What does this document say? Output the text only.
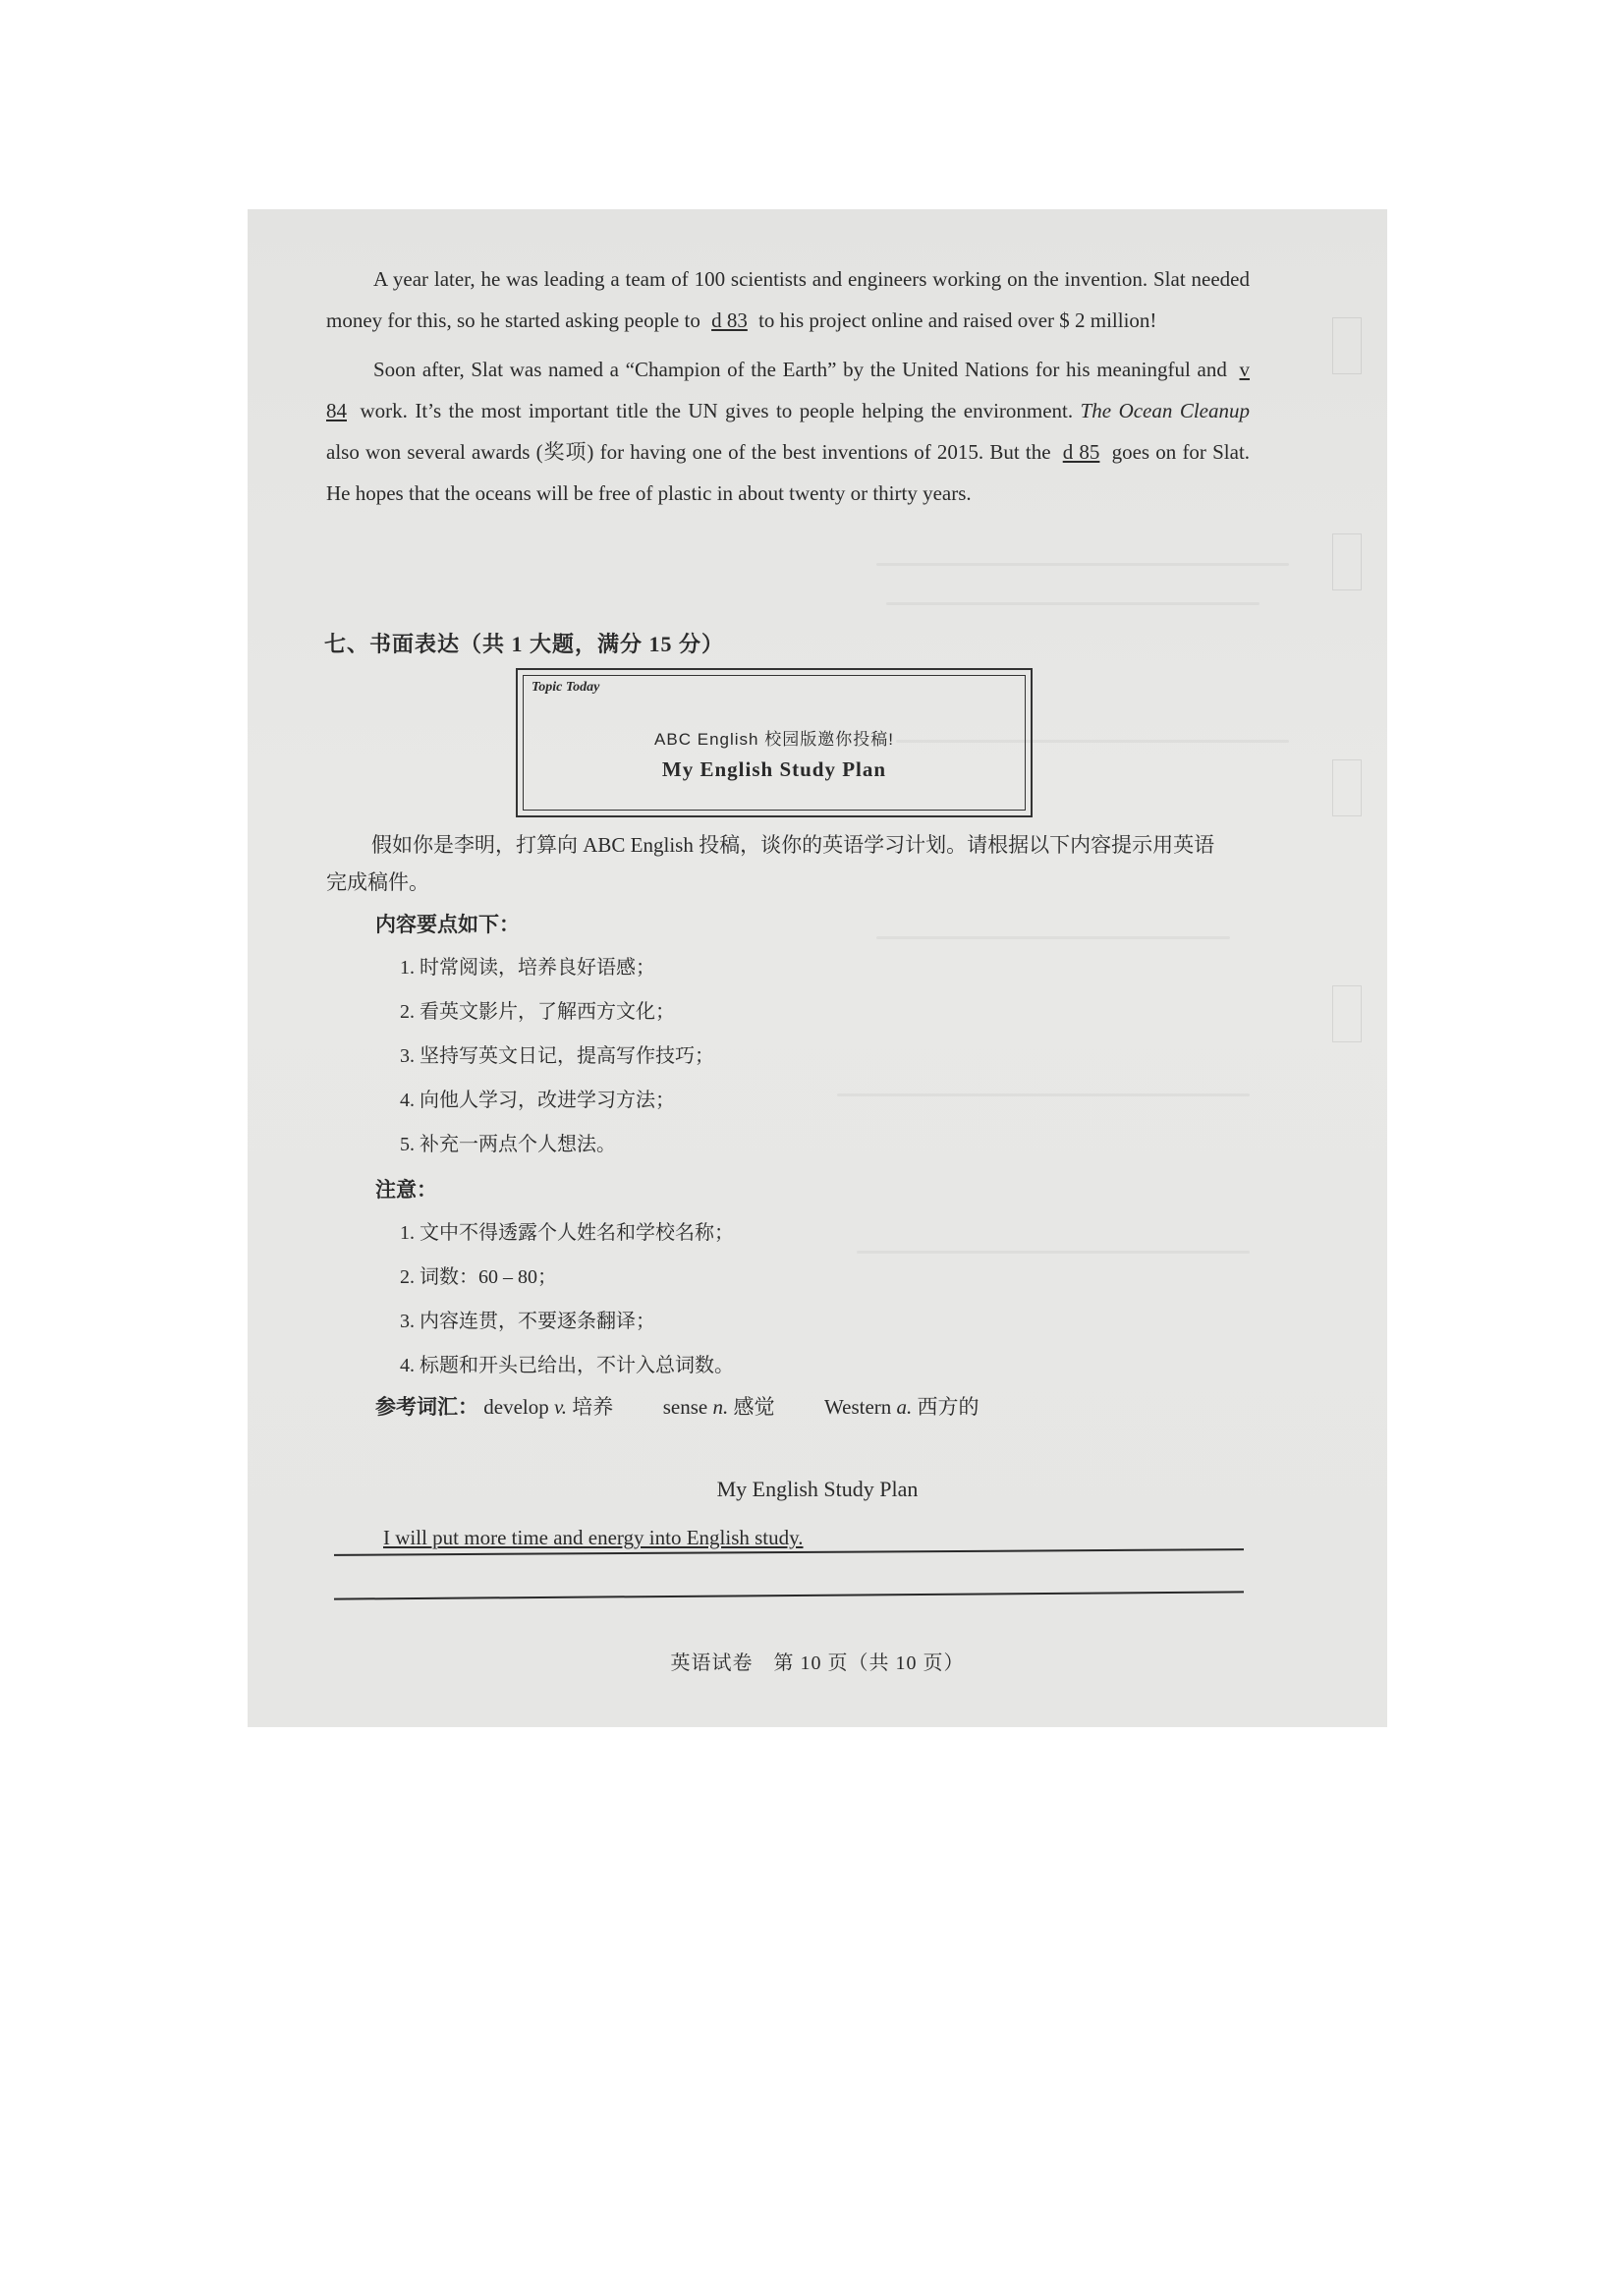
A year later, he was leading a team of 100 scientists and engineers working on the invention. Slat needed money for this, so he started asking people to d 83 to his project online and raised over $ 2 million!

Soon after, Slat was named a “Champion of the Earth” by the United Nations for his meaningful and v 84 work. It’s the most important title the UN gives to people helping the environment. The Ocean Cleanup also won several awards (奖项) for having one of the best inventions of 2015. But the d 85 goes on for Slat. He hopes that the oceans will be free of plastic in about twenty or thirty years.

七、书面表达（共 1 大题，满分 15 分）
Topic Today
ABC English 校园版邀你投稿!
My English Study Plan

假如你是李明，打算向 ABC English 投稿，谈你的英语学习计划。请根据以下内容提示用英语完成稿件。

内容要点如下：
1. 时常阅读，培养良好语感；
2. 看英文影片，了解西方文化；
3. 坚持写英文日记，提高写作技巧；
4. 向他人学习，改进学习方法；
5. 补充一两点个人想法。
注意：
1. 文中不得透露个人姓名和学校名称；
2. 词数：60 – 80；
3. 内容连贯，不要逐条翻译；
4. 标题和开头已给出，不计入总词数。
参考词汇： develop v. 培养 sense n. 感觉 Western a. 西方的
My English Study Plan
I will put more time and energy into English study.
英语试卷　第 10 页（共 10 页）
